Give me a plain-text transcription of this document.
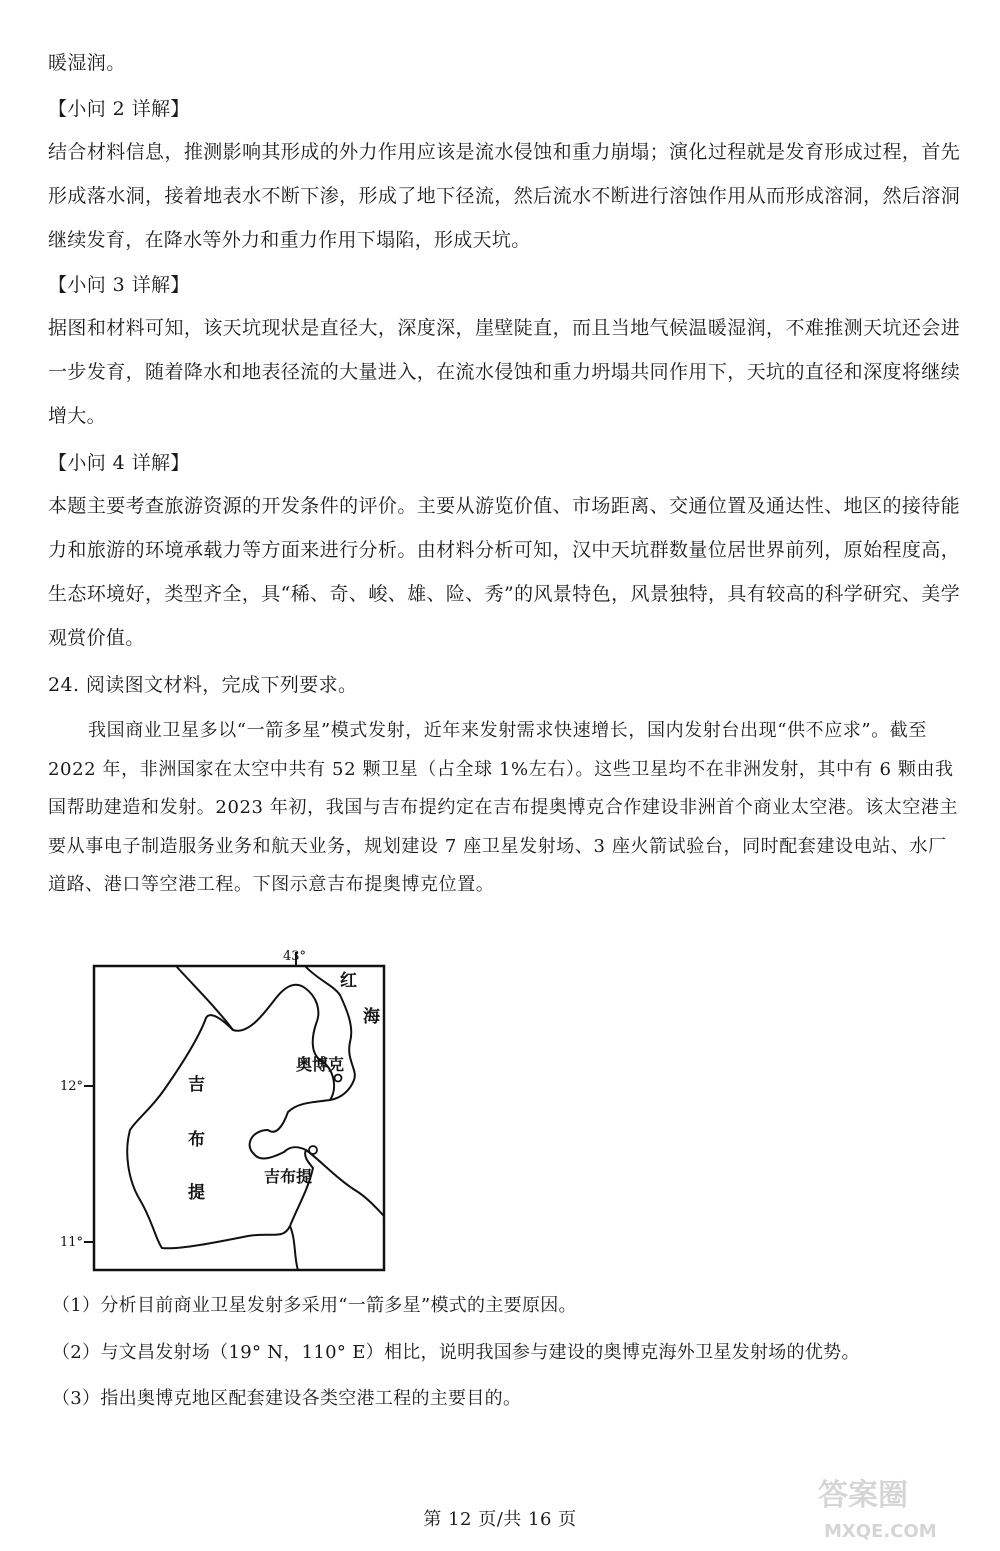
暖湿润。
【小问 2 详解】
结合材料信息，推测影响其形成的外力作用应该是流水侵蚀和重力崩塌；演化过程就是发育形成过程，首先形成落水洞，接着地表水不断下渗，形成了地下径流，然后流水不断进行溶蚀作用从而形成溶洞，然后溶洞继续发育，在降水等外力和重力作用下塌陷，形成天坑。
【小问 3 详解】
据图和材料可知，该天坑现状是直径大，深度深，崖壁陡直，而且当地气候温暖湿润，不难推测天坑还会进一步发育，随着降水和地表径流的大量进入，在流水侵蚀和重力坍塌共同作用下，天坑的直径和深度将继续增大。
【小问 4 详解】
本题主要考查旅游资源的开发条件的评价。主要从游览价值、市场距离、交通位置及通达性、地区的接待能力和旅游的环境承载力等方面来进行分析。由材料分析可知，汉中天坑群数量位居世界前列，原始程度高，生态环境好，类型齐全，具“稀、奇、峻、雄、险、秀”的风景特色，风景独特，具有较高的科学研究、美学观赏价值。
24. 阅读图文材料，完成下列要求。
我国商业卫星多以“一箭多星”模式发射，近年来发射需求快速增长，国内发射台出现“供不应求”。截至 2022 年，非洲国家在太空中共有 52 颗卫星（占全球 1%左右）。这些卫星均不在非洲发射，其中有 6 颗由我国帮助建造和发射。2023 年初，我国与吉布提约定在吉布提奥博克合作建设非洲首个商业太空港。该太空港主要从事电子制造服务业务和航天业务，规划建设 7 座卫星发射场、3 座火箭试验台，同时配套建设电站、水厂道路、港口等空港工程。下图示意吉布提奥博克位置。
43°
12°
11°
红
海
吉
布
提
奥博克
吉布提
（1）分析目前商业卫星发射多采用“一箭多星”模式的主要原因。
（2）与文昌发射场（19° N，110° E）相比，说明我国参与建设的奥博克海外卫星发射场的优势。
（3）指出奥博克地区配套建设各类空港工程的主要目的。
第 12 页/共 16 页
答案圈
MXQE.COM
